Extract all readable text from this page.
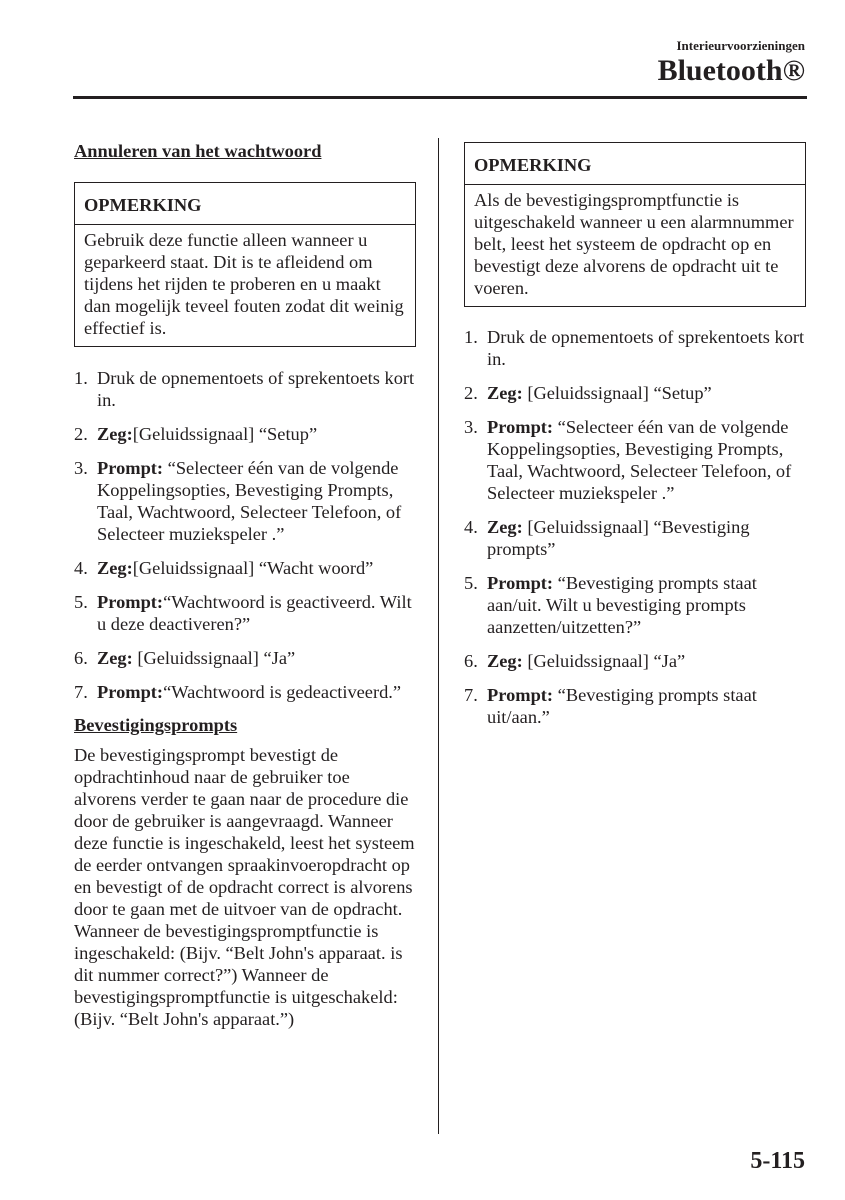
Interieurvoorzieningen
Bluetooth®

Annuleren van het wachtwoord

OPMERKING
Gebruik deze functie alleen wanneer u geparkeerd staat. Dit is te afleidend om tijdens het rijden te proberen en u maakt dan mogelijk teveel fouten zodat dit weinig effectief is.
1. Druk de opnementoets of sprekentoets kort in.
2. Zeg:[Geluidssignaal] “Setup”
3. Prompt: “Selecteer één van de volgende Koppelingsopties, Bevestiging Prompts, Taal, Wachtwoord, Selecteer Telefoon, of Selecteer muziekspeler .”
4. Zeg:[Geluidssignaal] “Wacht woord”
5. Prompt:“Wachtwoord is geactiveerd. Wilt u deze deactiveren?”
6. Zeg: [Geluidssignaal] “Ja”
7. Prompt:“Wachtwoord is gedeactiveerd.”

Bevestigingsprompts

De bevestigingsprompt bevestigt de opdrachtinhoud naar de gebruiker toe alvorens verder te gaan naar de procedure die door de gebruiker is aangevraagd. Wanneer deze functie is ingeschakeld, leest het systeem de eerder ontvangen spraakinvoeropdracht op en bevestigt of de opdracht correct is alvorens door te gaan met de uitvoer van de opdracht. Wanneer de bevestigingspromptfunctie is ingeschakeld: (Bijv. “Belt John's apparaat. is dit nummer correct?”) Wanneer de bevestigingspromptfunctie is uitgeschakeld: (Bijv. “Belt John's apparaat.”)

OPMERKING
Als de bevestigingspromptfunctie is uitgeschakeld wanneer u een alarmnummer belt, leest het systeem de opdracht op en bevestigt deze alvorens de opdracht uit te voeren.
1. Druk de opnementoets of sprekentoets kort in.
2. Zeg: [Geluidssignaal] “Setup”
3. Prompt: “Selecteer één van de volgende Koppelingsopties, Bevestiging Prompts, Taal, Wachtwoord, Selecteer Telefoon, of Selecteer muziekspeler .”
4. Zeg: [Geluidssignaal] “Bevestiging prompts”
5. Prompt: “Bevestiging prompts staat aan/uit. Wilt u bevestiging prompts aanzetten/uitzetten?”
6. Zeg: [Geluidssignaal] “Ja”
7. Prompt: “Bevestiging prompts staat uit/aan.”
5-115
